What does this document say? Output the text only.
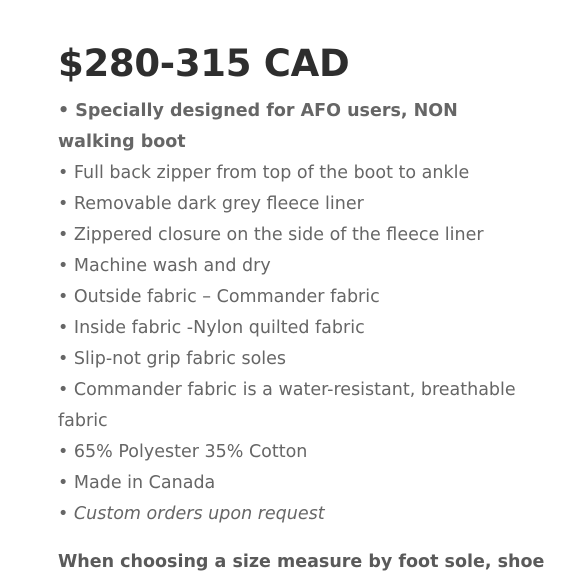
$280-315 CAD
• Specially designed for AFO users, NON walking boot
• Full back zipper from top of the boot to ankle
• Removable dark grey fleece liner
• Zippered closure on the side of the fleece liner
• Machine wash and dry
• Outside fabric – Commander fabric
• Inside fabric -Nylon quilted fabric
• Slip-not grip fabric soles
• Commander fabric is a water-resistant, breathable fabric
• 65% Polyester 35% Cotton
• Made in Canada
• Custom orders upon request

When choosing a size measure by foot sole, shoe
